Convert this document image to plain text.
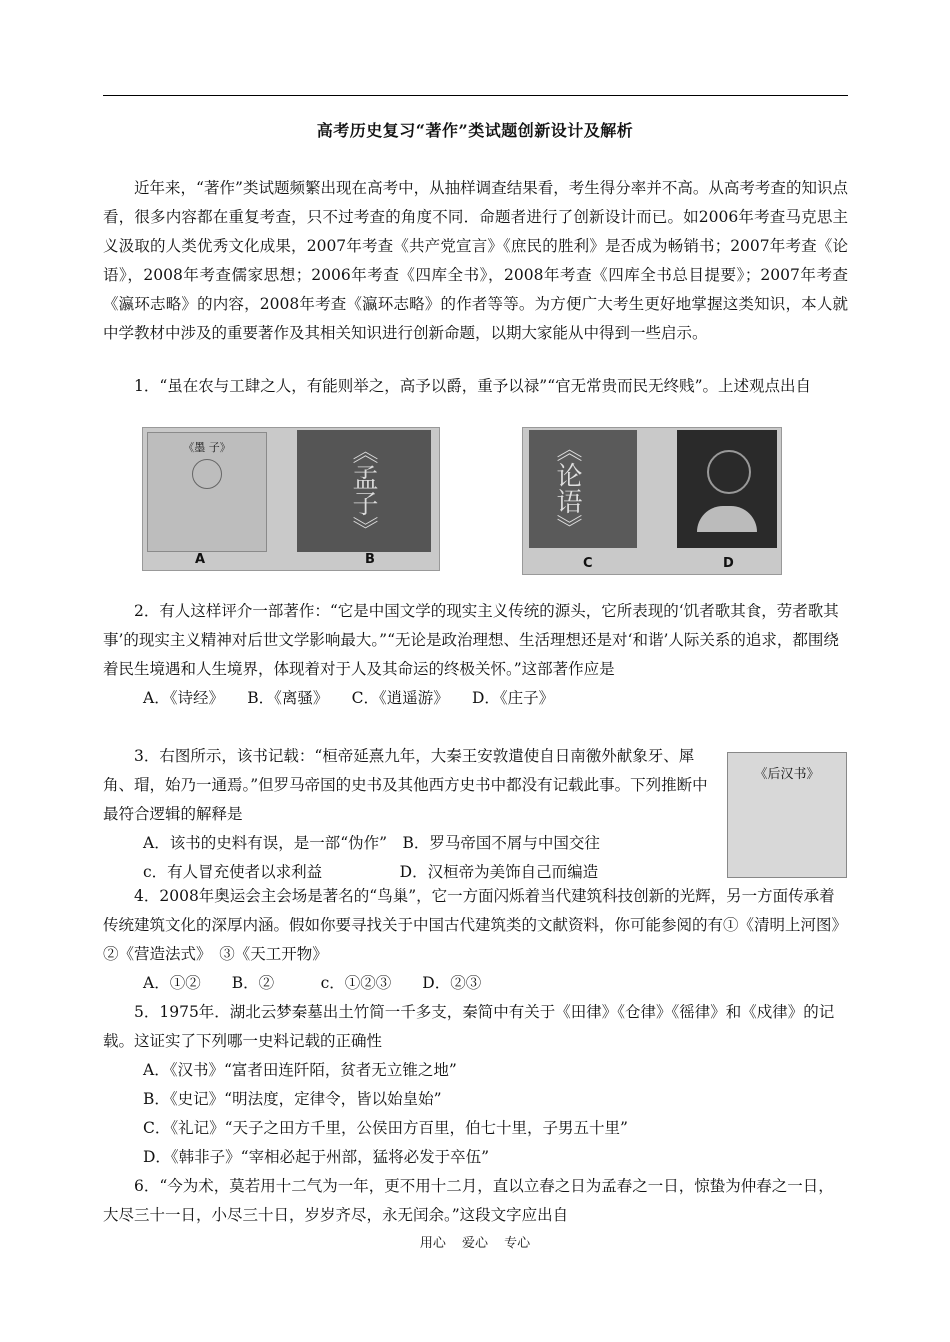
高考历史复习“著作”类试题创新设计及解析
近年来，“著作”类试题频繁出现在高考中，从抽样调查结果看，考生得分率并不高。从高考考查的知识点看，很多内容都在重复考查，只不过考查的角度不同．命题者进行了创新设计而已。如2006年考查马克思主义汲取的人类优秀文化成果，2007年考查《共产党宣言》《庶民的胜利》是否成为畅销书；2007年考查《论语》，2008年考查儒家思想；2006年考查《四库全书》，2008年考查《四库全书总目提要》；2007年考查《瀛环志略》的内容，2008年考查《瀛环志略》的作者等等。为方便广大考生更好地掌握这类知识，本人就中学教材中涉及的重要著作及其相关知识进行创新命题，以期大家能从中得到一些启示。
1．“虽在农与工肆之人，有能则举之，高予以爵，重予以禄”“官无常贵而民无终贱”。上述观点出自
《墨 子》	《孟子》
A	B
《论语》
C	D

2．有人这样评介一部著作：“它是中国文学的现实主义传统的源头，它所表现的‘饥者歌其食，劳者歌其事’的现实主义精神对后世文学影响最大。”“无论是政治理想、生活理想还是对‘和谐’人际关系的追求，都围绕着民生境遇和人生境界，体现着对于人及其命运的终极关怀。”这部著作应是

A．《诗经》　　B．《离骚》　　C．《逍遥游》　　D．《庄子》

3．右图所示，该书记载：“桓帝延熹九年，大秦王安敦遣使自日南徼外献象牙、犀角、瑁，始乃一通焉。”但罗马帝国的史书及其他西方史书中都没有记载此事。下列推断中最符合逻辑的解释是

A．该书的史料有误，是一部“伪作”　B．罗马帝国不屑与中国交往

c．有人冒充使者以求利益　　　　　D．汉桓帝为美饰自己而编造

《后汉书》

4．2008年奥运会主会场是著名的“鸟巢”，它一方面闪烁着当代建筑科技创新的光辉，另一方面传承着传统建筑文化的深厚内涵。假如你要寻找关于中国古代建筑类的文献资料，你可能参阅的有①《清明上河图》②《营造法式》　③《天工开物》

A．①②　　B．②　　　c．①②③　　D．②③

5．1975年．湖北云梦秦墓出土竹简一千多支，秦简中有关于《田律》《仓律》《徭律》和《戍律》的记载。这证实了下列哪一史料记载的正确性

A．《汉书》“富者田连阡陌，贫者无立锥之地”

B．《史记》“明法度，定律令，皆以始皇始”

C．《礼记》“天子之田方千里，公侯田方百里，伯七十里，子男五十里”

D．《韩非子》“宰相必起于州部，猛将必发于卒伍”

6．“今为术，莫若用十二气为一年，更不用十二月，直以立春之日为孟春之一日，惊蛰为仲春之一日，大尽三十一日，小尽三十日，岁岁齐尽，永无闰余。”这段文字应出自

用心 爱心 专心
